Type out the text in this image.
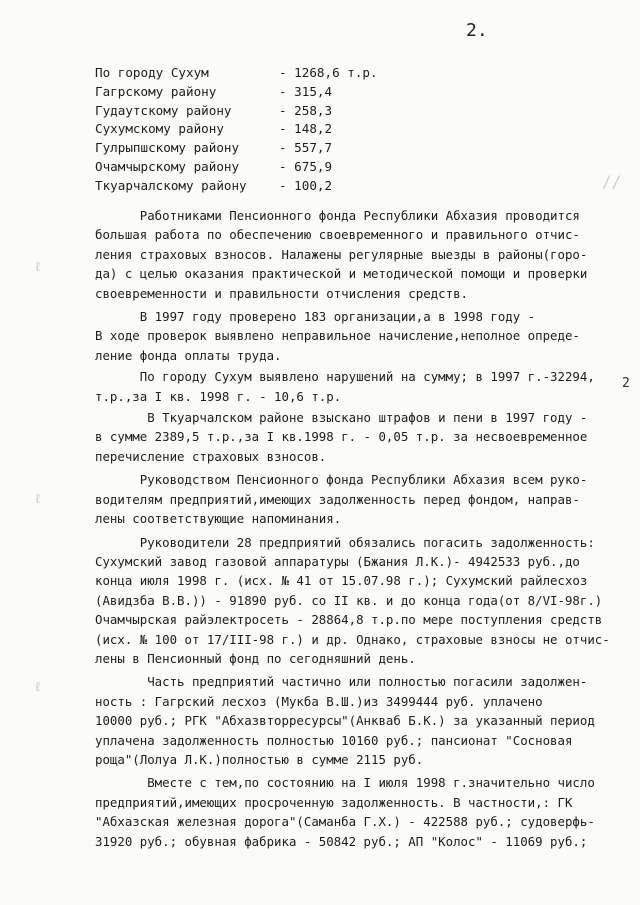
2.
//
ℓ
ℓ
ℓ
2
По городу Сухум	- 1268,6 т.р.
Гагрскому району	- 315,4
Гудаутскому району	- 258,3
Сухумскому району	- 148,2
Гулрыпшскому району	- 557,7
Очамчырскому району	- 675,9
Ткуарчалскому району	- 100,2

Работниками Пенсионного фонда Республики Абхазия проводится
большая работа по обеспечению своевременного и правильного отчис-
ления страховых взносов. Налажены регулярные выезды в районы(горо-
да) с целью оказания практической и методической помощи и проверки
своевременности и правильности отчисления средств.

В 1997 году проверено 183 организации,а в 1998 году -
В ходе проверок выявлено неправильное начисление,неполное опреде-
ление фонда оплаты труда.

По городу Сухум выявлено нарушений на сумму; в 1997 г.-32294,
т.р.,за I кв. 1998 г. - 10,6 т.р.

В Ткуарчалском районе взыскано штрафов и пени в 1997 году -
в сумме 2389,5 т.р.,за I кв.1998 г. - 0,05 т.р. за несвоевременное
перечисление страховых взносов.

Руководством Пенсионного фонда Республики Абхазия всем руко-
водителям предприятий,имеющих задолженность перед фондом, направ-
лены соответствующие напоминания.

Руководители 28 предприятий обязались погасить задолженность:
Сухумский завод газовой аппаратуры (Бжания Л.К.)- 4942533 руб.,до
конца июля 1998 г. (исх. № 41 от 15.07.98 г.); Сухумский райлесхоз
(Авидзба В.В.)) - 91890 руб. со II кв. и до конца года(от 8/VI-98г.)
Очамчырская райэлектросеть - 28864,8 т.р.по мере поступления средств
(исх. № 100 от 17/III-98 г.) и др. Однако, страховые взносы не отчис-
лены в Пенсионный фонд по сегодняшний день.

Часть предприятий частично или полностью погасили задолжен-
ность : Гагрский лесхоз (Мукба В.Ш.)из 3499444 руб. уплачено
10000 руб.; РГК "Абхазвторресурсы"(Анкваб Б.К.) за указанный период
уплачена задолженность полностью 10160 руб.; пансионат "Сосновая
роща"(Лолуа Л.К.)полностью в сумме 2115 руб.

Вместе с тем,по состоянию на I июля 1998 г.значительно число
предприятий,имеющих просроченную задолженность. В частности,: ГК
"Абхазская железная дорога"(Саманба Г.Х.) - 422588 руб.; судоверфь-
31920 руб.; обувная фабрика - 50842 руб.; АП "Колос" - 11069 руб.;
